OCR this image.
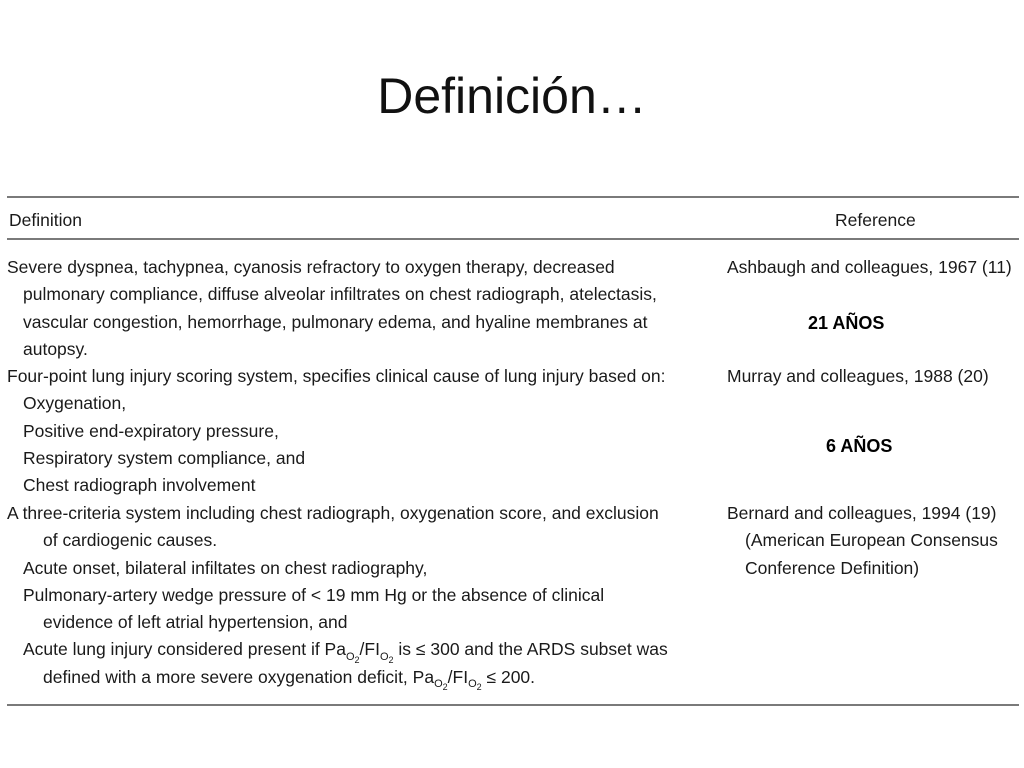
Definición…
Definition	Reference
Severe dyspnea, tachypnea, cyanosis refractory to oxygen therapy, decreased
pulmonary compliance, diffuse alveolar infiltrates on chest radiograph, atelectasis,
vascular congestion, hemorrhage, pulmonary edema, and hyaline membranes at
autopsy.
Ashbaugh and colleagues, 1967 (11)
Four-point lung injury scoring system, specifies clinical cause of lung injury based on:
Oxygenation,
Positive end-expiratory pressure,
Respiratory system compliance, and
Chest radiograph involvement
Murray and colleagues, 1988 (20)
A three-criteria system including chest radiograph, oxygenation score, and exclusion
of cardiogenic causes.
Acute onset, bilateral infiltates on chest radiography,
Pulmonary-artery wedge pressure of < 19 mm Hg or the absence of clinical
evidence of left atrial hypertension, and
Acute lung injury considered present if $Pa_{O_2}/FI_{O_2}$ is ≤ 300 and the ARDS subset was
defined with a more severe oxygenation deficit, $Pa_{O_2}/FI_{O_2} \le 200$.
Bernard and colleagues, 1994 (19)
(American European Consensus
Conference Definition)
21 AÑOS
6 AÑOS
